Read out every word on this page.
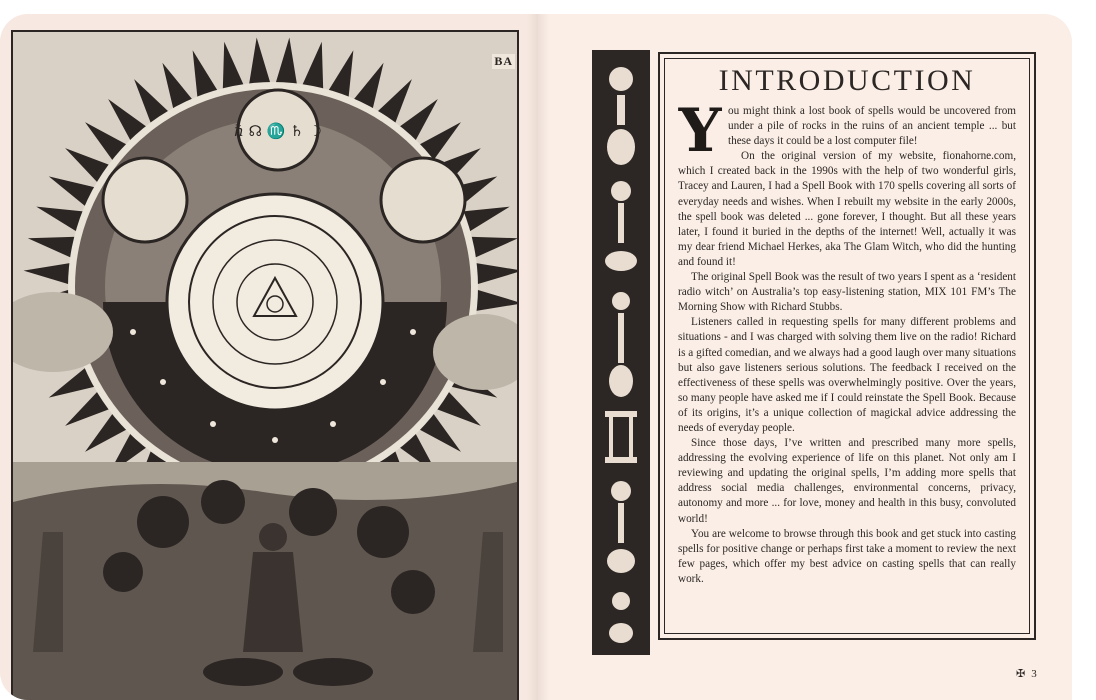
ℏ ☊ ♏ ♄ ☽
BA
INTRODUCTION

You might think a lost book of spells would be uncovered from under a pile of rocks in the ruins of an ancient temple ... but these days it could be a lost computer file!

On the original version of my website, fionahorne.com, which I created back in the 1990s with the help of two wonderful girls, Tracey and Lauren, I had a Spell Book with 170 spells covering all sorts of everyday needs and wishes. When I rebuilt my website in the early 2000s, the spell book was deleted ... gone forever, I thought. But all these years later, I found it buried in the depths of the internet! Well, actually it was my dear friend Michael Herkes, aka The Glam Witch, who did the hunting and found it!

The original Spell Book was the result of two years I spent as a ‘resident radio witch’ on Australia’s top easy-listening station, MIX 101 FM’s The Morning Show with Richard Stubbs.

Listeners called in requesting spells for many different problems and situations - and I was charged with solving them live on the radio! Richard is a gifted comedian, and we always had a good laugh over many situations but also gave listeners serious solutions. The feedback I received on the effectiveness of these spells was overwhelmingly positive. Over the years, so many people have asked me if I could reinstate the Spell Book. Because of its origins, it’s a unique collection of magickal advice addressing the needs of everyday people.

Since those days, I’ve written and prescribed many more spells, addressing the evolving experience of life on this planet. Not only am I reviewing and updating the original spells, I’m adding more spells that address social media challenges, environmental concerns, privacy, autonomy and more ... for love, money and health in this busy, convoluted world!

You are welcome to browse through this book and get stuck into casting spells for positive change or perhaps first take a moment to review the next few pages, which offer my best advice on casting spells that can really work.

✠ 3
